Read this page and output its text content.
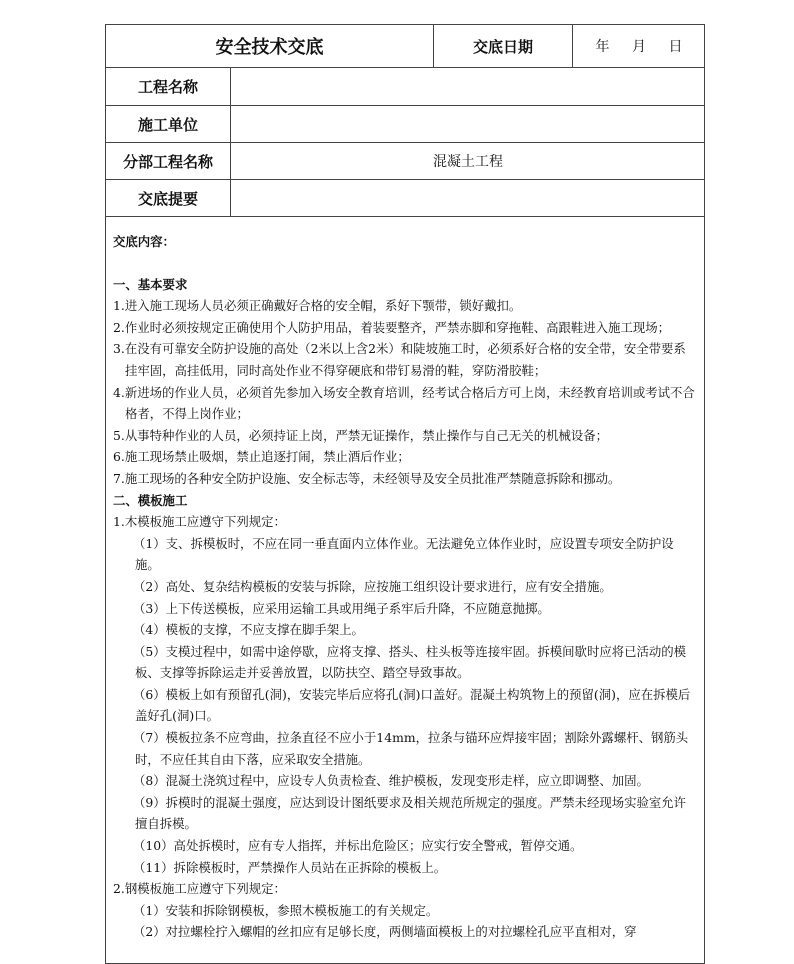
安全技术交底	交底日期	年 月 日
工程名称
施工单位
分部工程名称	混凝土工程
交底提要
交底内容：
一、基本要求
1.进入施工现场人员必须正确戴好合格的安全帽，系好下颚带，锁好戴扣。
2.作业时必须按规定正确使用个人防护用品，着装要整齐，严禁赤脚和穿拖鞋、高跟鞋进入施工现场；
3.在没有可靠安全防护设施的高处（2米以上含2米）和陡坡施工时，必须系好合格的安全带，安全带要系挂牢固，高挂低用，同时高处作业不得穿硬底和带钉易滑的鞋，穿防滑胶鞋；
4.新进场的作业人员，必须首先参加入场安全教育培训，经考试合格后方可上岗，未经教育培训或考试不合格者，不得上岗作业；
5.从事特种作业的人员，必须持证上岗，严禁无证操作，禁止操作与自己无关的机械设备；
6.施工现场禁止吸烟，禁止追逐打闹，禁止酒后作业；
7.施工现场的各种安全防护设施、安全标志等，未经领导及安全员批准严禁随意拆除和挪动。
二、模板施工
1.木模板施工应遵守下列规定：
（1）支、拆模板时，不应在同一垂直面内立体作业。无法避免立体作业时，应设置专项安全防护设施。
（2）高处、复杂结构模板的安装与拆除，应按施工组织设计要求进行，应有安全措施。
（3）上下传送模板，应采用运输工具或用绳子系牢后升降，不应随意抛掷。
（4）模板的支撑，不应支撑在脚手架上。
（5）支模过程中，如需中途停歇，应将支撑、搭头、柱头板等连接牢固。拆模间歇时应将已活动的模板、支撑等拆除运走并妥善放置，以防扶空、踏空导致事故。
（6）模板上如有预留孔(洞)，安装完毕后应将孔(洞)口盖好。混凝土构筑物上的预留(洞)，应在拆模后盖好孔(洞)口。
（7）模板拉条不应弯曲，拉条直径不应小于14mm，拉条与锚环应焊接牢固；割除外露螺杆、钢筋头时，不应任其自由下落，应采取安全措施。
（8）混凝土浇筑过程中，应设专人负责检查、维护模板，发现变形走样，应立即调整、加固。
（9）拆模时的混凝土强度，应达到设计图纸要求及相关规范所规定的强度。严禁未经现场实验室允许擅自拆模。
（10）高处拆模时，应有专人指挥，并标出危险区；应实行安全警戒，暂停交通。
（11）拆除模板时，严禁操作人员站在正拆除的模板上。
2.钢模板施工应遵守下列规定：
（1）安装和拆除钢模板，参照木模板施工的有关规定。
（2）对拉螺栓拧入螺帽的丝扣应有足够长度，两侧墙面模板上的对拉螺栓孔应平直相对，穿
